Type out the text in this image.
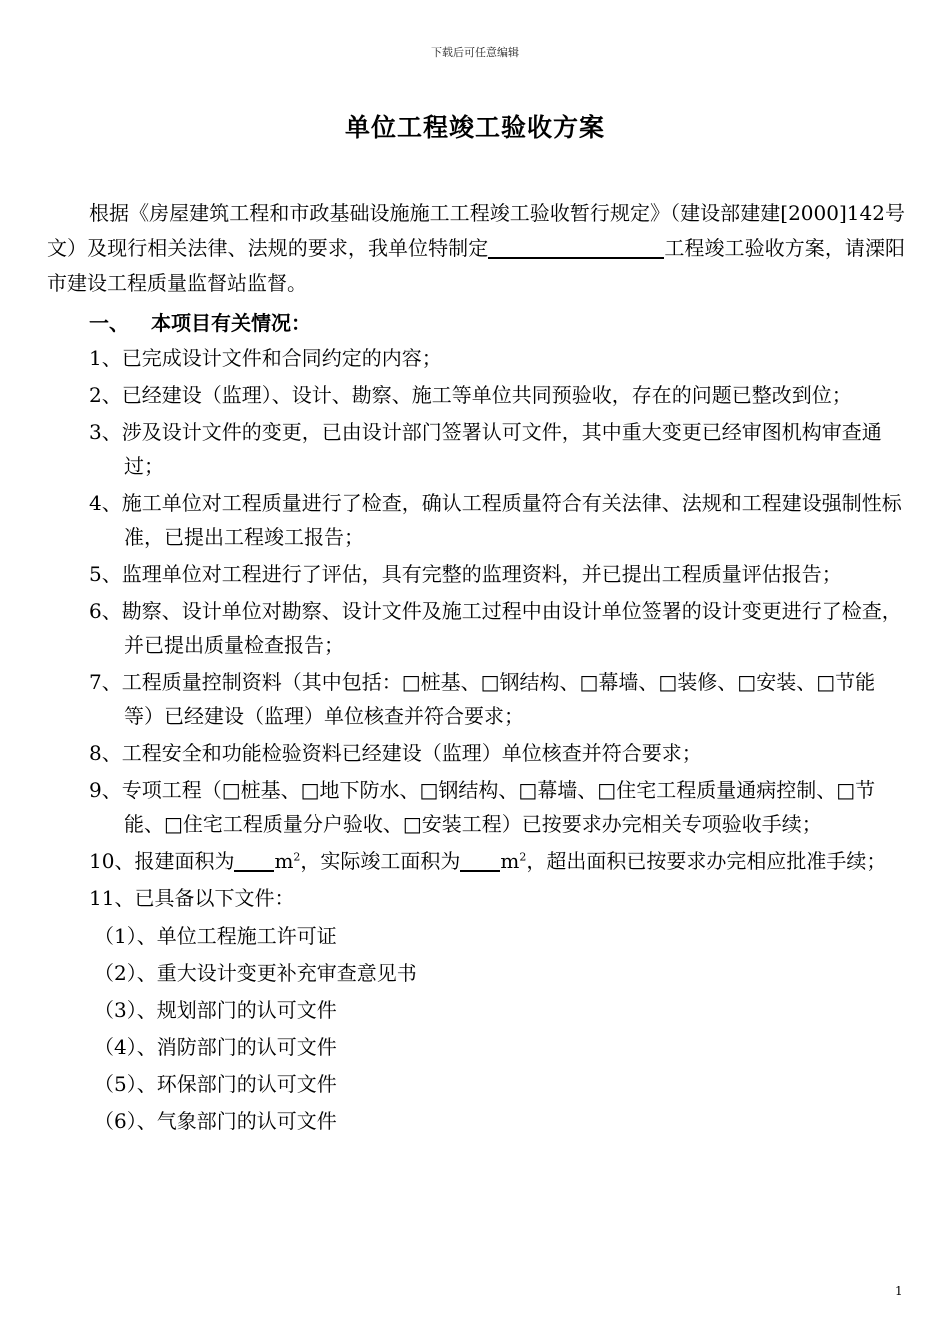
下载后可任意编辑
单位工程竣工验收方案

根据《房屋建筑工程和市政基础设施施工工程竣工验收暂行规定》（建设部建建[2000]142号文）及现行相关法律、法规的要求，我单位特制定	工程竣工验收方案，请溧阳市建设工程质量监督站监督。

一、 本项目有关情况：
1、已完成设计文件和合同约定的内容；
2、已经建设（监理）、设计、勘察、施工等单位共同预验收，存在的问题已整改到位；
3、涉及设计文件的变更，已由设计部门签署认可文件，其中重大变更已经审图机构审查通过；
4、施工单位对工程质量进行了检查，确认工程质量符合有关法律、法规和工程建设强制性标准，已提出工程竣工报告；
5、监理单位对工程进行了评估，具有完整的监理资料，并已提出工程质量评估报告；
6、勘察、设计单位对勘察、设计文件及施工过程中由设计单位签署的设计变更进行了检查，并已提出质量检查报告；
7、工程质量控制资料（其中包括：□桩基、□钢结构、□幕墙、□装修、□安装、□节能等）已经建设（监理）单位核查并符合要求；
8、工程安全和功能检验资料已经建设（监理）单位核查并符合要求；
9、专项工程（□桩基、□地下防水、□钢结构、□幕墙、□住宅工程质量通病控制、□节能、□住宅工程质量分户验收、□安装工程）已按要求办完相关专项验收手续；
10、报建面积为 $m^2$，实际竣工面积为 $m^2$，超出面积已按要求办完相应批准手续；
11、已具备以下文件：
（1）、单位工程施工许可证
（2）、重大设计变更补充审查意见书
（3）、规划部门的认可文件
（4）、消防部门的认可文件
（5）、环保部门的认可文件
（6）、气象部门的认可文件
1
